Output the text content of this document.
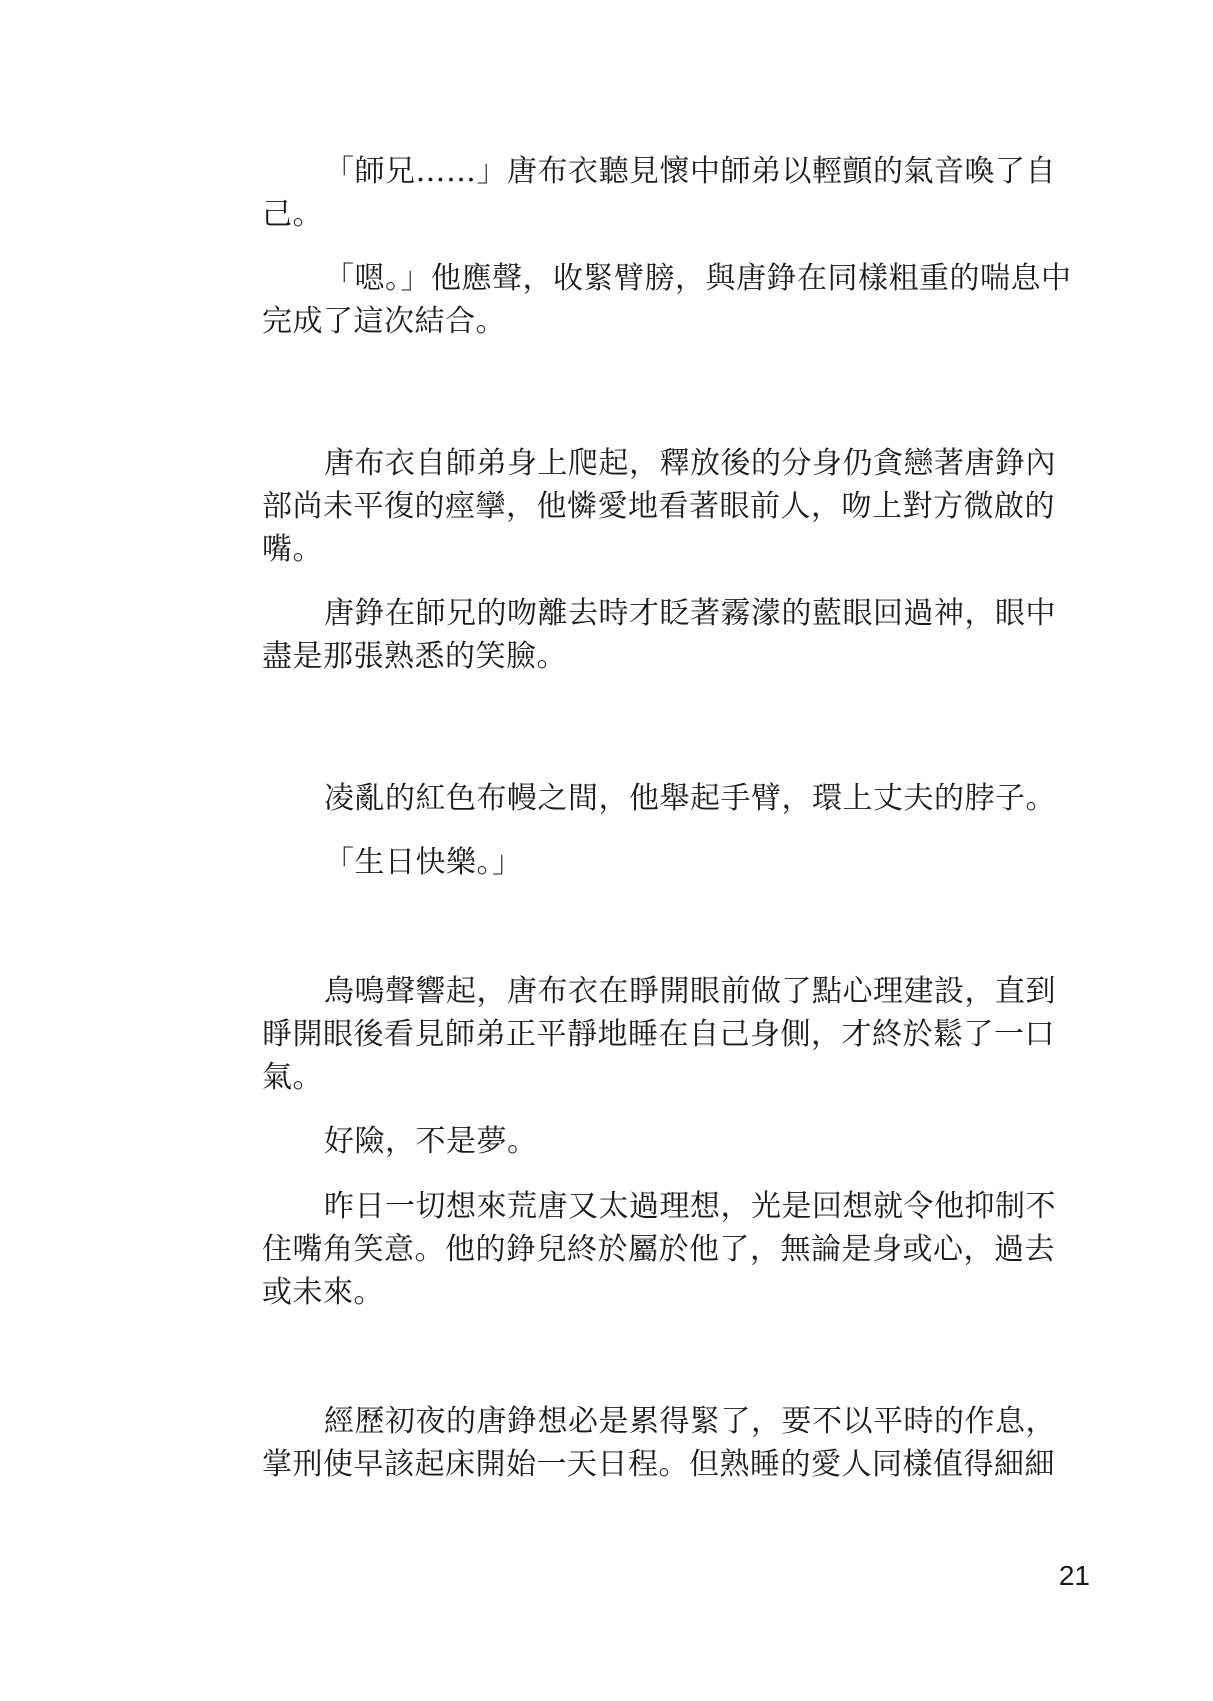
「師兄……」唐布衣聽見懷中師弟以輕顫的氣音喚了自己。

「嗯。」他應聲，收緊臂膀，與唐錚在同樣粗重的喘息中完成了這次結合。

唐布衣自師弟身上爬起，釋放後的分身仍貪戀著唐錚內部尚未平復的痙攣，他憐愛地看著眼前人，吻上對方微啟的嘴。

唐錚在師兄的吻離去時才眨著霧濛的藍眼回過神，眼中盡是那張熟悉的笑臉。

凌亂的紅色布幔之間，他舉起手臂，環上丈夫的脖子。

「生日快樂。」

鳥鳴聲響起，唐布衣在睜開眼前做了點心理建設，直到睜開眼後看見師弟正平靜地睡在自己身側，才終於鬆了一口氣。

好險，不是夢。

昨日一切想來荒唐又太過理想，光是回想就令他抑制不住嘴角笑意。他的錚兒終於屬於他了，無論是身或心，過去或未來。

經歷初夜的唐錚想必是累得緊了，要不以平時的作息，掌刑使早該起床開始一天日程。但熟睡的愛人同樣值得細細

21
